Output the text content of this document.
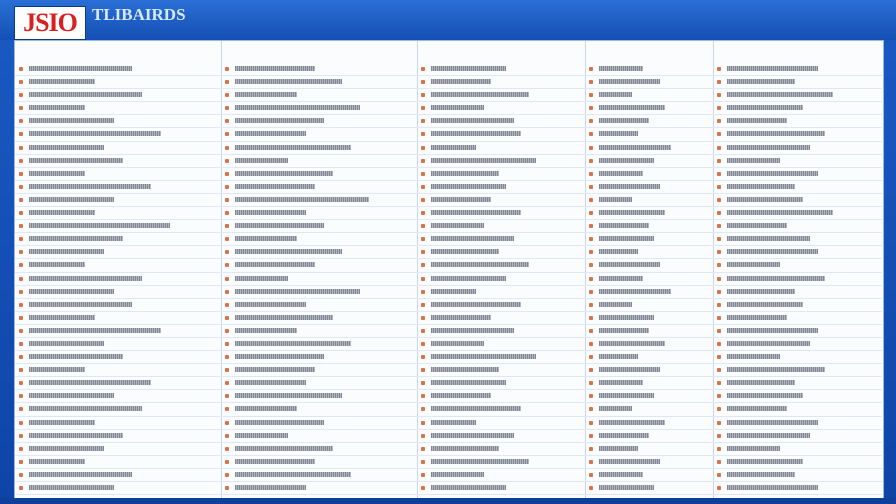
JSIO TLIBAIRDS
